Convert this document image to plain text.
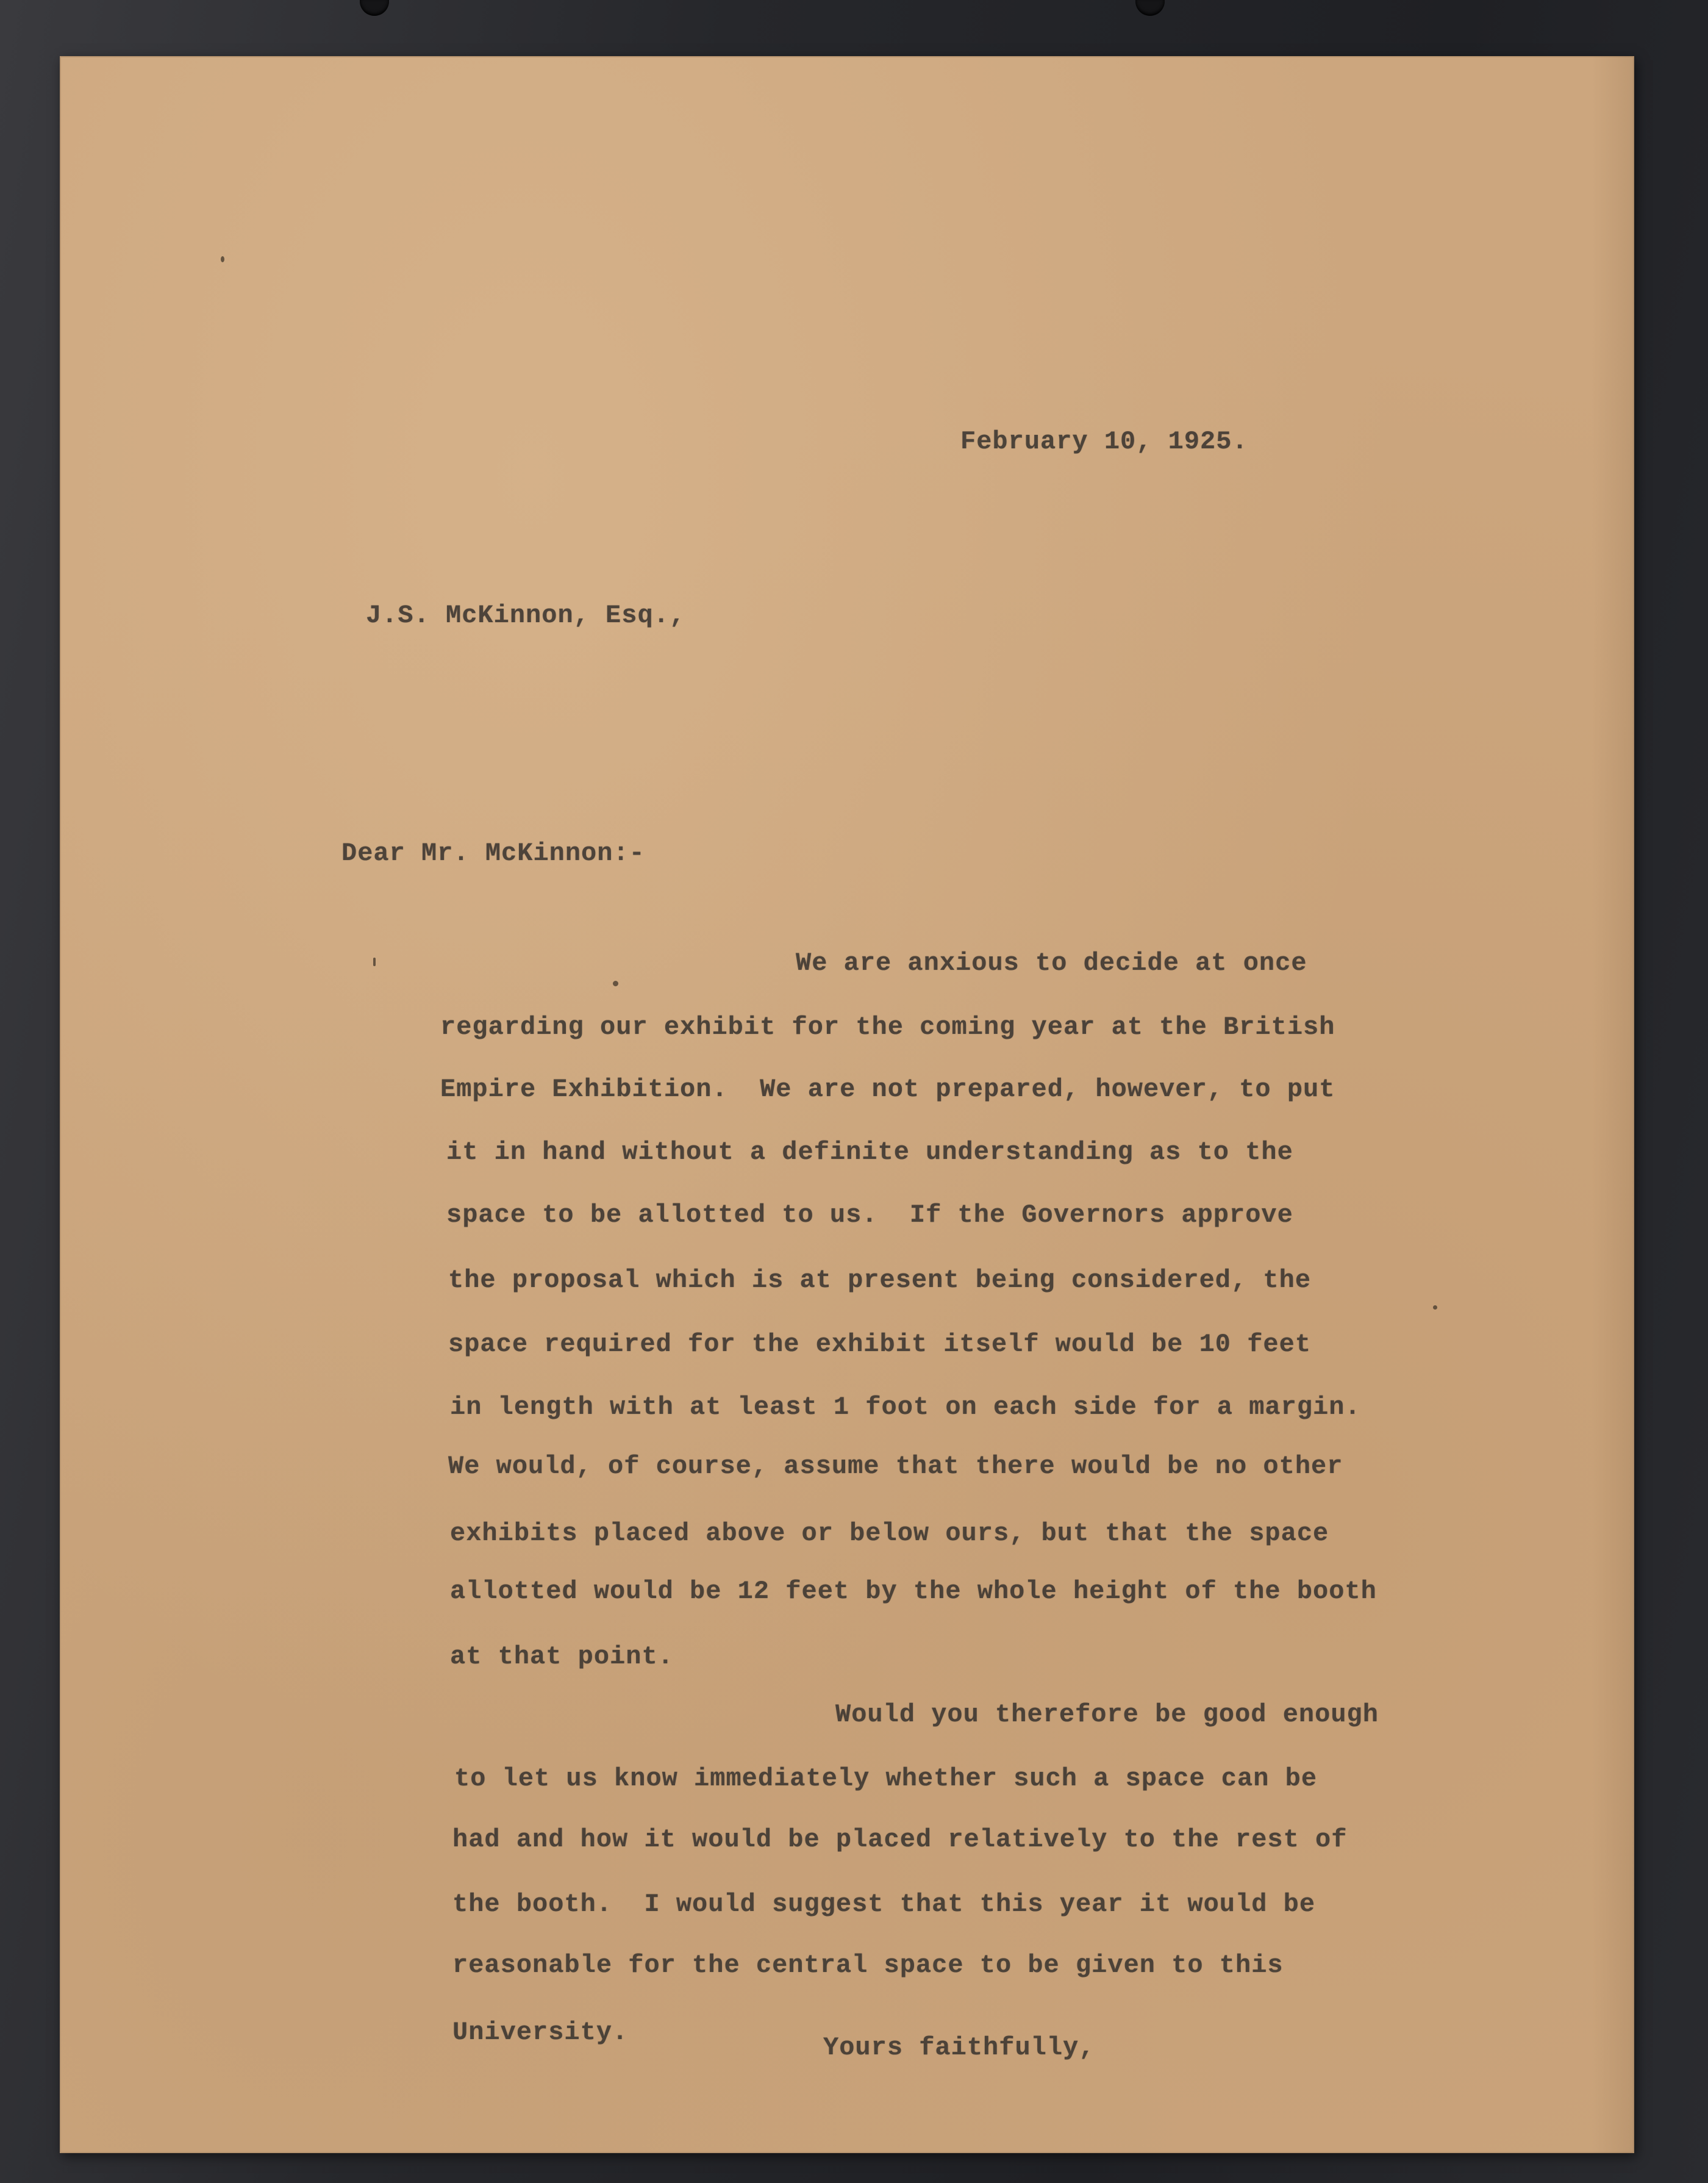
February 10, 1925.
J.S. McKinnon, Esq.,
Dear Mr. McKinnon:-
We are anxious to decide at once
regarding our exhibit for the coming year at the British
Empire Exhibition.  We are not prepared, however, to put
it in hand without a definite understanding as to the
space to be allotted to us.  If the Governors approve
the proposal which is at present being considered, the
space required for the exhibit itself would be 10 feet
in length with at least 1 foot on each side for a margin.
We would, of course, assume that there would be no other
exhibits placed above or below ours, but that the space
allotted would be 12 feet by the whole height of the booth
at that point.
Would you therefore be good enough
to let us know immediately whether such a space can be
had and how it would be placed relatively to the rest of
the booth.  I would suggest that this year it would be
reasonable for the central space to be given to this
University.
Yours faithfully,
